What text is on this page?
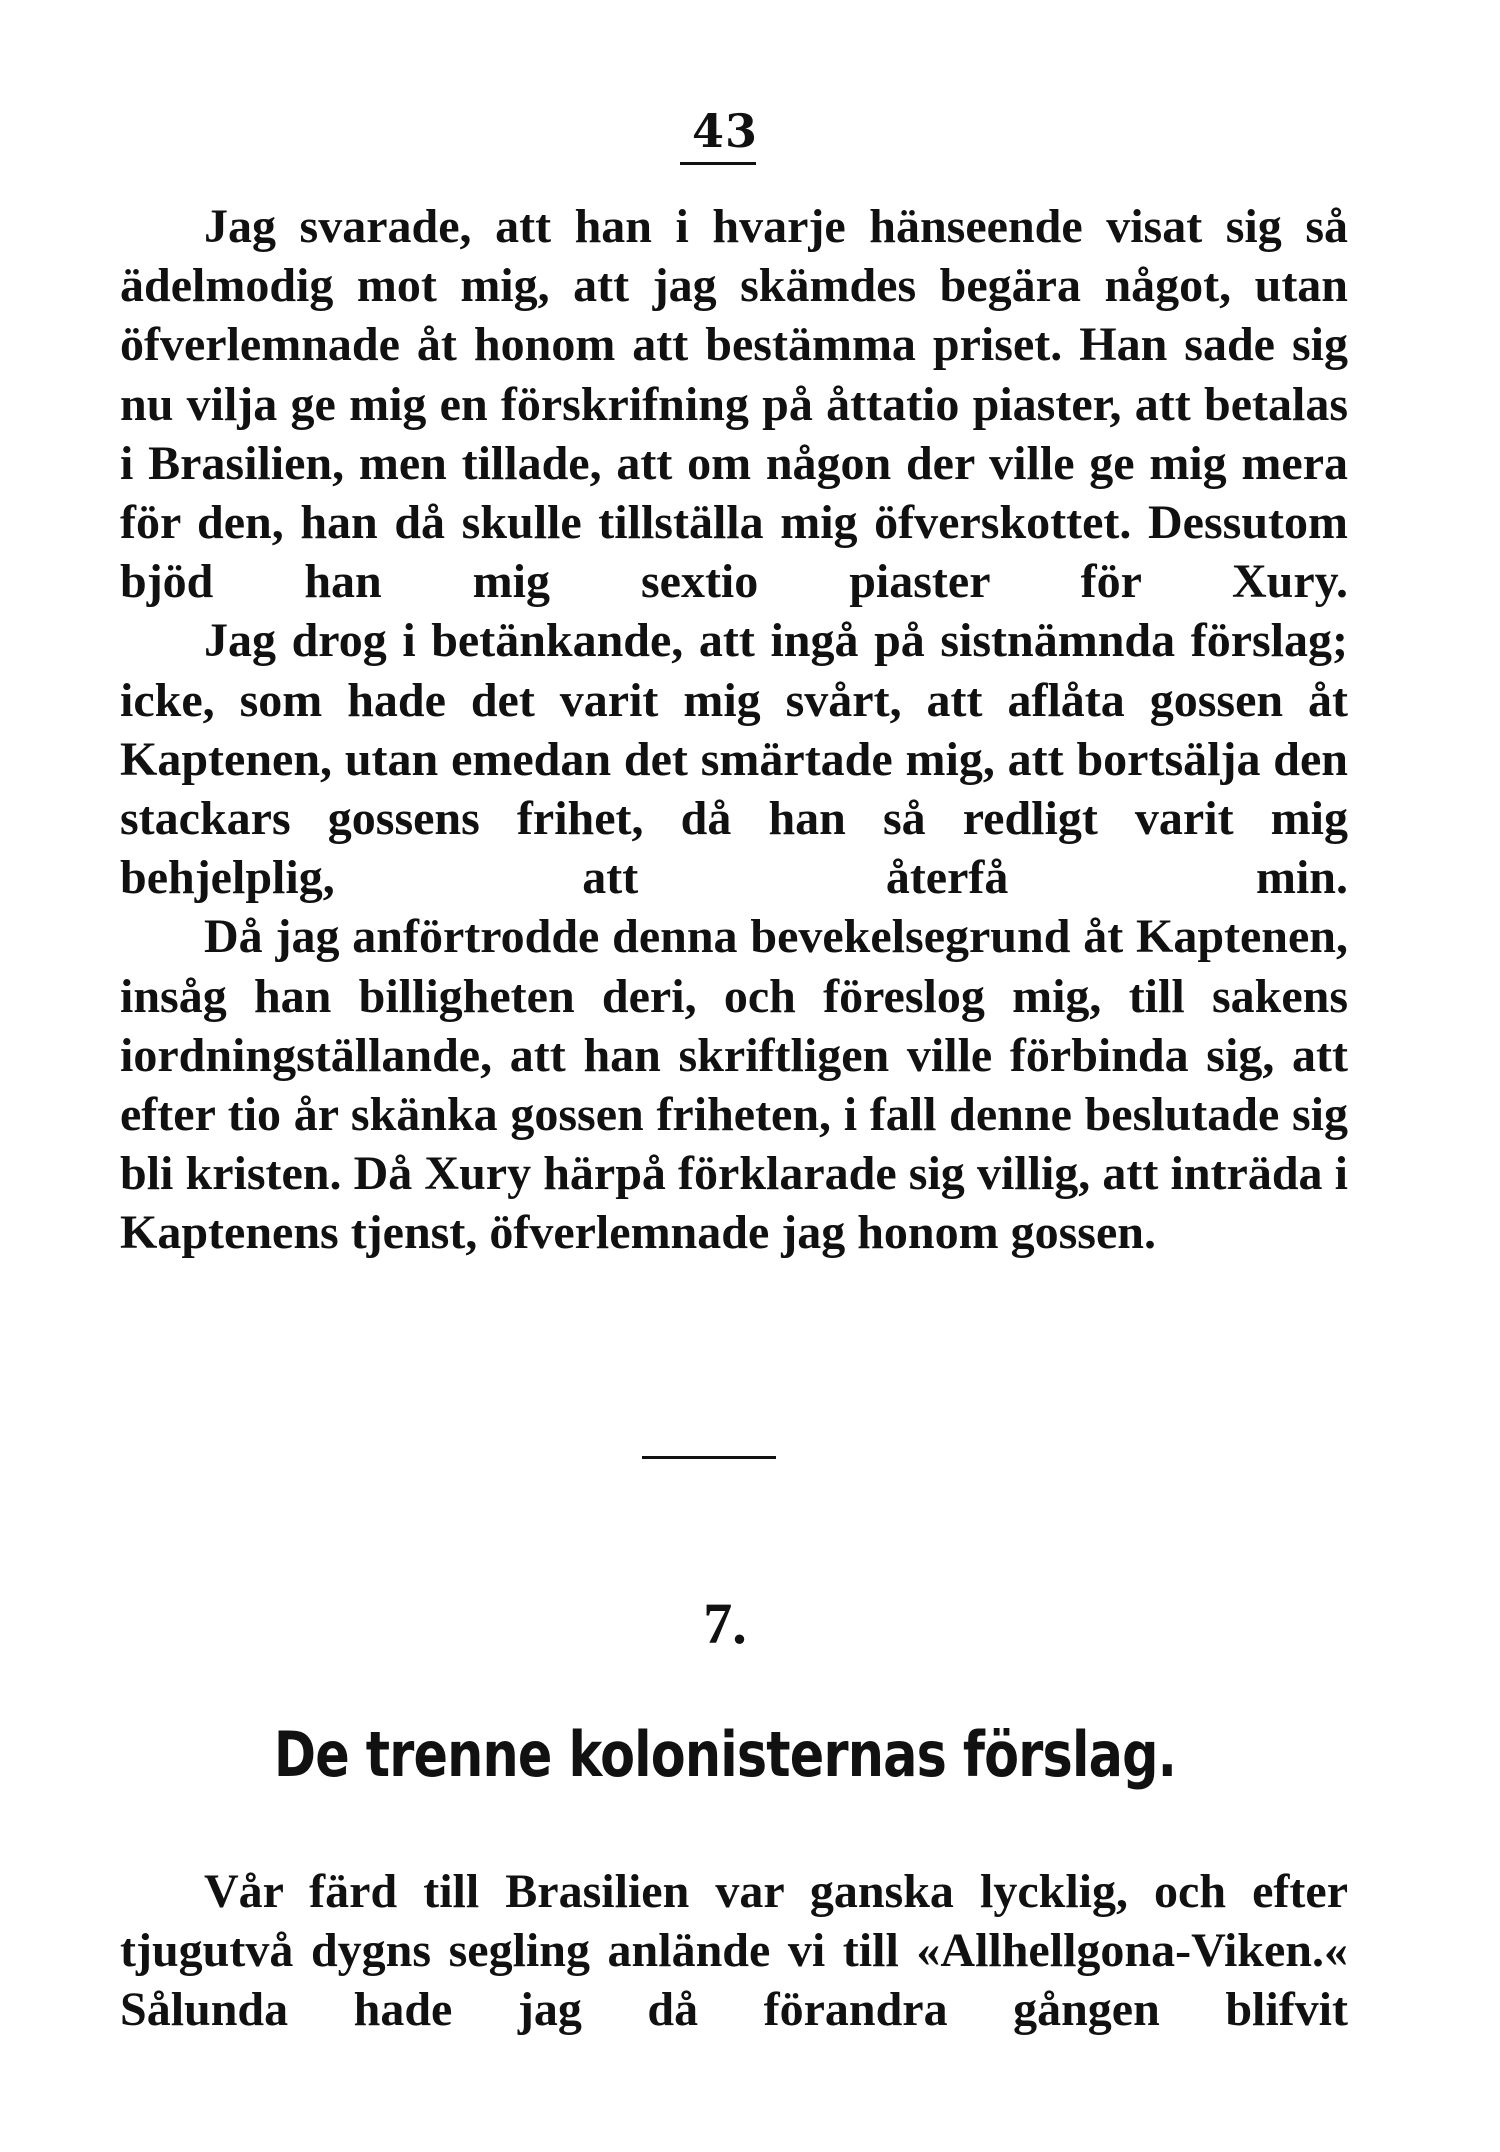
43

Jag svarade, att han i hvarje hänseende visat sig så ädelmodig mot mig, att jag skämdes begära något, utan öfverlemnade åt honom att bestämma priset. Han sade sig nu vilja ge mig en förskrifning på åttatio piaster, att betalas i Brasilien, men tillade, att om någon der ville ge mig mera för den, han då skulle tillställa mig öfverskottet. Dessutom bjöd han mig sextio piaster för Xury.

Jag drog i betänkande, att ingå på sistnämnda förslag; icke, som hade det varit mig svårt, att aflåta gossen åt Kaptenen, utan emedan det smärtade mig, att bortsälja den stackars gossens frihet, då han så redligt varit mig behjelplig, att återfå min.

Då jag anförtrodde denna bevekelsegrund åt Kaptenen, insåg han billigheten deri, och föreslog mig, till sakens iordningställande, att han skriftligen ville förbinda sig, att efter tio år skänka gossen friheten, i fall denne beslutade sig bli kristen. Då Xury härpå förklarade sig villig, att inträda i Kaptenens tjenst, öfverlemnade jag honom gossen.

7.
De trenne kolonisternas förslag.

Vår färd till Brasilien var ganska lycklig, och efter tjugutvå dygns segling anlände vi till «Allhellgona-Viken.« Sålunda hade jag då förandra gången blifvit
